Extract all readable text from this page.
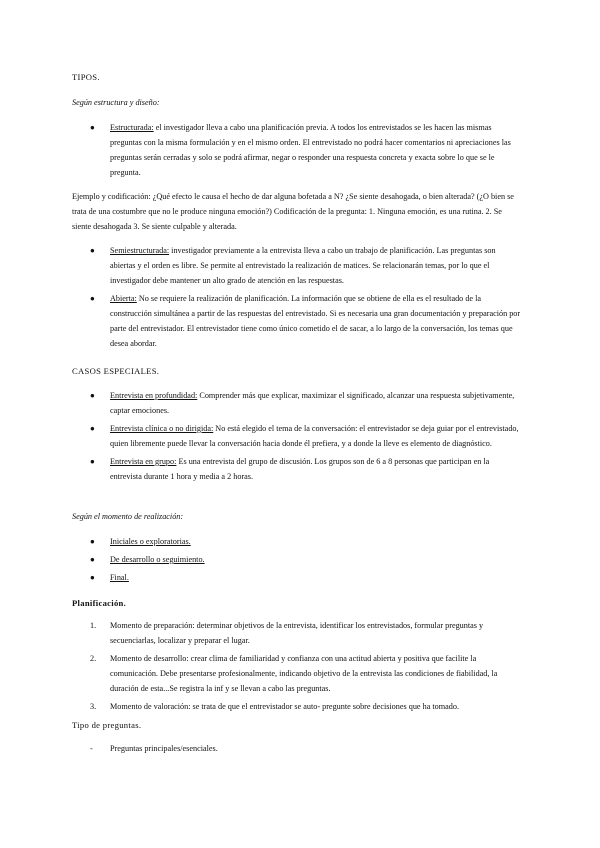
TIPOS.
Según estructura y diseño:
● Estructurada: el investigador lleva a cabo una planificación previa. A todos los entrevistados se les hacen las mismas preguntas con la misma formulación y en el mismo orden. El entrevistado no podrá hacer comentarios ni apreciaciones las preguntas serán cerradas y solo se podrá afirmar, negar o responder una respuesta concreta y exacta sobre lo que se le pregunta.
Ejemplo y codificación: ¿Qué efecto le causa el hecho de dar alguna bofetada a N? ¿Se siente desahogada, o bien alterada? (¿O bien se trata de una costumbre que no le produce ninguna emoción?) Codificación de la pregunta: 1. Ninguna emoción, es una rutina. 2. Se siente desahogada 3. Se siente culpable y alterada.
● Semiestructurada: investigador previamente a la entrevista lleva a cabo un trabajo de planificación. Las preguntas son abiertas y el orden es libre. Se permite al entrevistado la realización de matices. Se relacionarán temas, por lo que el investigador debe mantener un alto grado de atención en las respuestas.
● Abierta: No se requiere la realización de planificación. La información que se obtiene de ella es el resultado de la construcción simultánea a partir de las respuestas del entrevistado. Si es necesaria una gran documentación y preparación por parte del entrevistador. El entrevistador tiene como único cometido el de sacar, a lo largo de la conversación, los temas que desea abordar.
CASOS ESPECIALES.
● Entrevista en profundidad: Comprender más que explicar, maximizar el significado, alcanzar una respuesta subjetivamente, captar emociones.
● Entrevista clínica o no dirigida: No está elegido el tema de la conversación: el entrevistador se deja guiar por el entrevistado, quien libremente puede llevar la conversación hacia donde él prefiera, y a donde la lleve es elemento de diagnóstico.
● Entrevista en grupo: Es una entrevista del grupo de discusión. Los grupos son de 6 a 8 personas que participan en la entrevista durante 1 hora y media a 2 horas.
Según el momento de realización:
● Iniciales o exploratorias.
● De desarrollo o seguimiento.
● Final.
Planificación.
1. Momento de preparación: determinar objetivos de la entrevista, identificar los entrevistados, formular preguntas y secuenciarlas, localizar y preparar el lugar.
2. Momento de desarrollo: crear clima de familiaridad y confianza con una actitud abierta y positiva que facilite la comunicación. Debe presentarse profesionalmente, indicando objetivo de la entrevista las condiciones de fiabilidad, la duración de esta...Se registra la inf y se llevan a cabo las preguntas.
3. Momento de valoración: se trata de que el entrevistador se auto- pregunte sobre decisiones que ha tomado.
Tipo de preguntas.
- Preguntas principales/esenciales.
